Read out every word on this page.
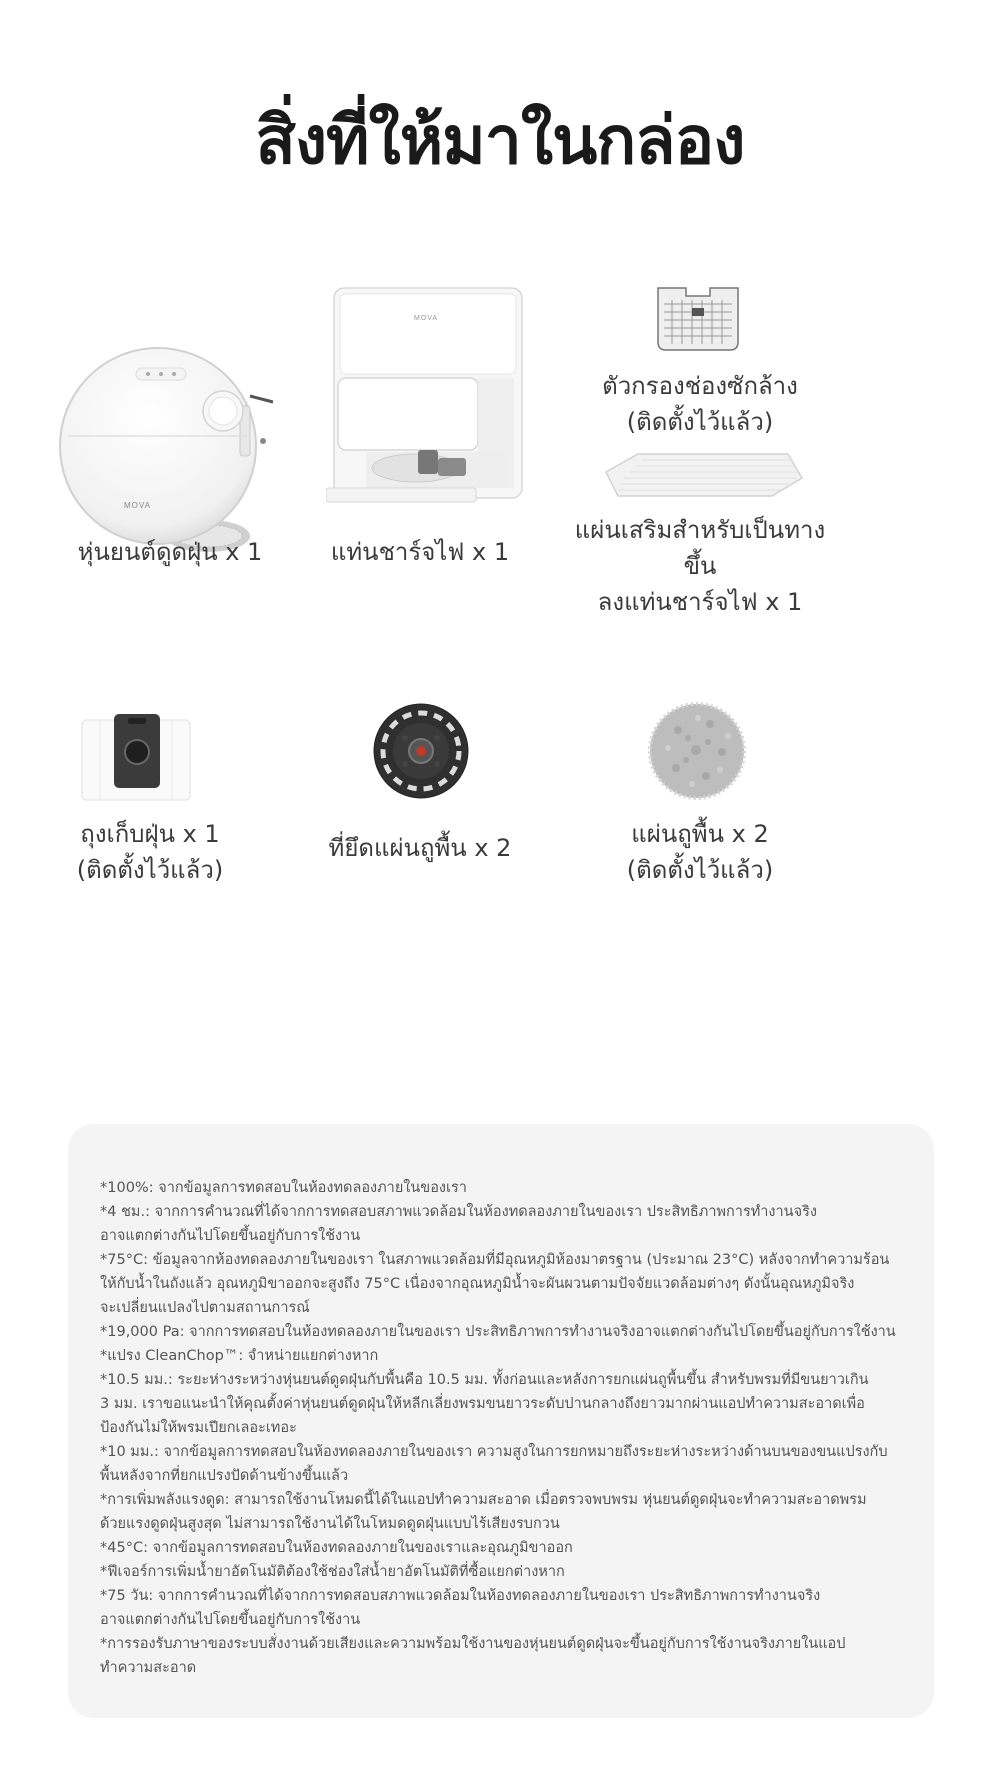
สิ่งที่ให้มาในกล่อง
MOVA
หุ่นยนต์ดูดฝุ่น x 1
MOVA
แท่นชาร์จไฟ x 1
ตัวกรองช่องซักล้าง
(ติดตั้งไว้แล้ว)
แผ่นเสริมสำหรับเป็นทางขึ้น
ลงแท่นชาร์จไฟ x 1
ถุงเก็บฝุ่น x 1
(ติดตั้งไว้แล้ว)
ที่ยึดแผ่นถูพื้น x 2	แผ่นถูพื้น x 2
(ติดตั้งไว้แล้ว)
*100%: จากข้อมูลการทดสอบในห้องทดลองภายในของเรา
*4 ชม.: จากการคำนวณที่ได้จากการทดสอบสภาพแวดล้อมในห้องทดลองภายในของเรา ประสิทธิภาพการทำงานจริง
อาจแตกต่างกันไปโดยขึ้นอยู่กับการใช้งาน
*75°C: ข้อมูลจากห้องทดลองภายในของเรา ในสภาพแวดล้อมที่มีอุณหภูมิห้องมาตรฐาน (ประมาณ 23°C) หลังจากทำความร้อน
ให้กับน้ำในถังแล้ว อุณหภูมิขาออกจะสูงถึง 75°C เนื่องจากอุณหภูมิน้ำจะผันผวนตามปัจจัยแวดล้อมต่างๆ ดังนั้นอุณหภูมิจริง
จะเปลี่ยนแปลงไปตามสถานการณ์
*19,000 Pa: จากการทดสอบในห้องทดลองภายในของเรา ประสิทธิภาพการทำงานจริงอาจแตกต่างกันไปโดยขึ้นอยู่กับการใช้งาน
*แปรง CleanChop™: จำหน่ายแยกต่างหาก
*10.5 มม.: ระยะห่างระหว่างหุ่นยนต์ดูดฝุ่นกับพื้นคือ 10.5 มม. ทั้งก่อนและหลังการยกแผ่นถูพื้นขึ้น สำหรับพรมที่มีขนยาวเกิน
3 มม. เราขอแนะนำให้คุณตั้งค่าหุ่นยนต์ดูดฝุ่นให้หลีกเลี่ยงพรมขนยาวระดับปานกลางถึงยาวมากผ่านแอปทำความสะอาดเพื่อ
ป้องกันไม่ให้พรมเปียกเลอะเทอะ
*10 มม.: จากข้อมูลการทดสอบในห้องทดลองภายในของเรา ความสูงในการยกหมายถึงระยะห่างระหว่างด้านบนของขนแปรงกับ
พื้นหลังจากที่ยกแปรงปัดด้านข้างขึ้นแล้ว
*การเพิ่มพลังแรงดูด: สามารถใช้งานโหมดนี้ได้ในแอปทำความสะอาด เมื่อตรวจพบพรม หุ่นยนต์ดูดฝุ่นจะทำความสะอาดพรม
ด้วยแรงดูดฝุ่นสูงสุด ไม่สามารถใช้งานได้ในโหมดดูดฝุ่นแบบไร้เสียงรบกวน
*45°C: จากข้อมูลการทดสอบในห้องทดลองภายในของเราและอุณภูมิขาออก
*ฟีเจอร์การเพิ่มน้ำยาอัตโนมัติต้องใช้ช่องใส่น้ำยาอัตโนมัติที่ซื้อแยกต่างหาก
*75 วัน: จากการคำนวณที่ได้จากการทดสอบสภาพแวดล้อมในห้องทดลองภายในของเรา ประสิทธิภาพการทำงานจริง
อาจแตกต่างกันไปโดยขึ้นอยู่กับการใช้งาน
*การรองรับภาษาของระบบสั่งงานด้วยเสียงและความพร้อมใช้งานของหุ่นยนต์ดูดฝุ่นจะขึ้นอยู่กับการใช้งานจริงภายในแอป
ทำความสะอาด
